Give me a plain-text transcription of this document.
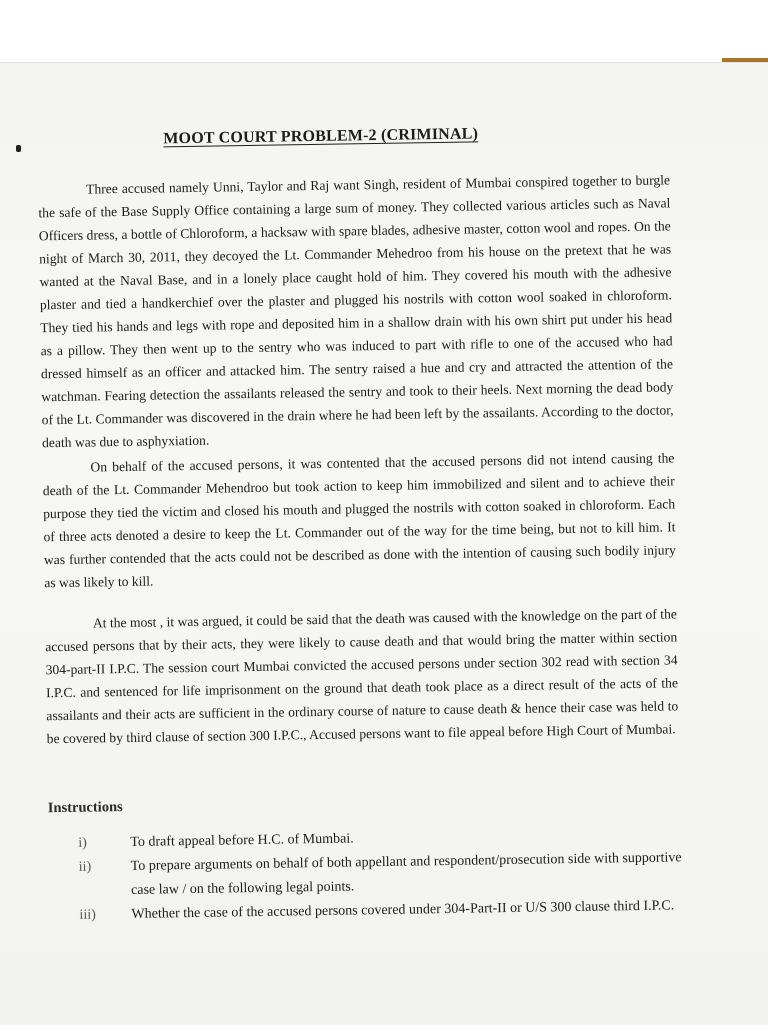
MOOT COURT PROBLEM-2 (CRIMINAL)

Three accused namely Unni, Taylor and Raj want Singh, resident of Mumbai conspired together to burgle the safe of the Base Supply Office containing a large sum of money. They collected various articles such as Naval Officers dress, a bottle of Chloroform, a hacksaw with spare blades, adhesive master, cotton wool and ropes. On the night of March 30, 2011, they decoyed the Lt. Commander Mehedroo from his house on the pretext that he was wanted at the Naval Base, and in a lonely place caught hold of him. They covered his mouth with the adhesive plaster and tied a handkerchief over the plaster and plugged his nostrils with cotton wool soaked in chloroform. They tied his hands and legs with rope and deposited him in a shallow drain with his own shirt put under his head as a pillow. They then went up to the sentry who was induced to part with rifle to one of the accused who had dressed himself as an officer and attacked him. The sentry raised a hue and cry and attracted the attention of the watchman. Fearing detection the assailants released the sentry and took to their heels. Next morning the dead body of the Lt. Commander was discovered in the drain where he had been left by the assailants. According to the doctor, death was due to asphyxiation.

On behalf of the accused persons, it was contented that the accused persons did not intend causing the death of the Lt. Commander Mehendroo but took action to keep him immobilized and silent and to achieve their purpose they tied the victim and closed his mouth and plugged the nostrils with cotton soaked in chloroform. Each of three acts denoted a desire to keep the Lt. Commander out of the way for the time being, but not to kill him. It was further contended that the acts could not be described as done with the intention of causing such bodily injury as was likely to kill.

At the most , it was argued, it could be said that the death was caused with the knowledge on the part of the accused persons that by their acts, they were likely to cause death and that would bring the matter within section 304-part-II I.P.C. The session court Mumbai convicted the accused persons under section 302 read with section 34 I.P.C. and sentenced for life imprisonment on the ground that death took place as a direct result of the acts of the assailants and their acts are sufficient in the ordinary course of nature to cause death & hence their case was held to be covered by third clause of section 300 I.P.C., Accused persons want to file appeal before High Court of Mumbai.

Instructions
i)	To draft appeal before H.C. of Mumbai.
ii)	To prepare arguments on behalf of both appellant and respondent/prosecution side with supportive case law / on the following legal points.
iii)	Whether the case of the accused persons covered under 304-Part-II or U/S 300 clause third I.P.C.
